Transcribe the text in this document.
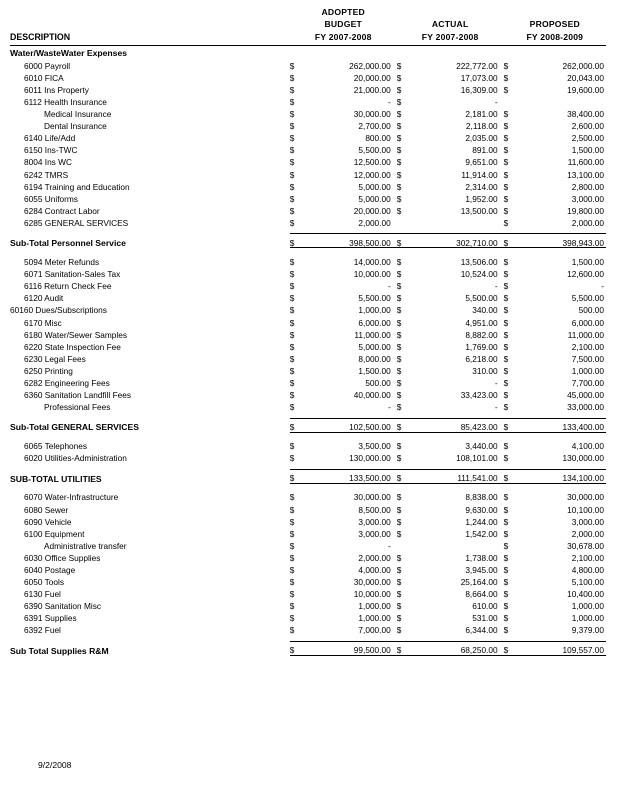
	ADOPTED					
	BUDGET		ACTUAL		PROPOSED	
DESCRIPTION	FY 2007-2008		FY 2007-2008		FY 2008-2009	

Water/WasteWater Expenses						
6000 Payroll	$	262,000.00	$	222,772.00	$	262,000.00
6010 FICA	$	20,000.00	$	17,073.00	$	20,043.00
6011 Ins Property	$	21,000.00	$	16,309.00	$	19,600.00
6112 Health Insurance	$	-	$	-		
Medical Insurance	$	30,000.00	$	2,181.00	$	38,400.00
Dental Insurance	$	2,700.00	$	2,118.00	$	2,600.00
6140 Life/Add	$	800.00	$	2,035.00	$	2,500.00
6150 Ins-TWC	$	5,500.00	$	891.00	$	1,500.00
8004 Ins WC	$	12,500.00	$	9,651.00	$	11,600.00
6242 TMRS	$	12,000.00	$	11,914.00	$	13,100.00
6194 Training and Education	$	5,000.00	$	2,314.00	$	2,800.00
6055 Uniforms	$	5,000.00	$	1,952.00	$	3,000.00
6284 Contract Labor	$	20,000.00	$	13,500.00	$	19,800.00
6285 GENERAL SERVICES	$	2,000.00			$	2,000.00

Sub-Total Personnel Service	$	398,500.00	$	302,710.00	$	398,943.00

5094 Meter Refunds	$	14,000.00	$	13,506.00	$	1,500.00
6071 Sanitation-Sales Tax	$	10,000.00	$	10,524.00	$	12,600.00
6116 Return Check Fee	$	-	$	-	$	-
6120 Audit	$	5,500.00	$	5,500.00	$	5,500.00
60160 Dues/Subscriptions	$	1,000.00	$	340.00	$	500.00
6170 Misc	$	6,000.00	$	4,951.00	$	6,000.00
6180 Water/Sewer Samples	$	11,000.00	$	8,882.00	$	11,000.00
6220 State Inspection Fee	$	5,000.00	$	1,769.00	$	2,100.00
6230 Legal Fees	$	8,000.00	$	6,218.00	$	7,500.00
6250 Printing	$	1,500.00	$	310.00	$	1,000.00
6282 Engineering Fees	$	500.00	$	-	$	7,700.00
6360 Sanitation Landfill Fees	$	40,000.00	$	33,423.00	$	45,000.00
Professional Fees	$	-	$	-	$	33,000.00

Sub-Total GENERAL SERVICES	$	102,500.00	$	85,423.00	$	133,400.00

6065 Telephones	$	3,500.00	$	3,440.00	$	4,100.00
6020 Utilities-Administration	$	130,000.00	$	108,101.00	$	130,000.00

SUB-TOTAL UTILITIES	$	133,500.00	$	111,541.00	$	134,100.00

6070 Water-Infrastructure	$	30,000.00	$	8,838.00	$	30,000.00
6080 Sewer	$	8,500.00	$	9,630.00	$	10,100.00
6090 Vehicle	$	3,000.00	$	1,244.00	$	3,000.00
6100 Equipment	$	3,000.00	$	1,542.00	$	2,000.00
Administrative transfer	$	-			$	30,678.00
6030 Office Supplies	$	2,000.00	$	1,738.00	$	2,100.00
6040 Postage	$	4,000.00	$	3,945.00	$	4,800.00
6050 Tools	$	30,000.00	$	25,164.00	$	5,100.00
6130 Fuel	$	10,000.00	$	8,664.00	$	10,400.00
6390 Sanitation Misc	$	1,000.00	$	610.00	$	1,000.00
6391 Supplies	$	1,000.00	$	531.00	$	1,000.00
6392 Fuel	$	7,000.00	$	6,344.00	$	9,379.00

Sub Total Supplies R&M	$	99,500.00	$	68,250.00	$	109,557.00

9/2/2008
